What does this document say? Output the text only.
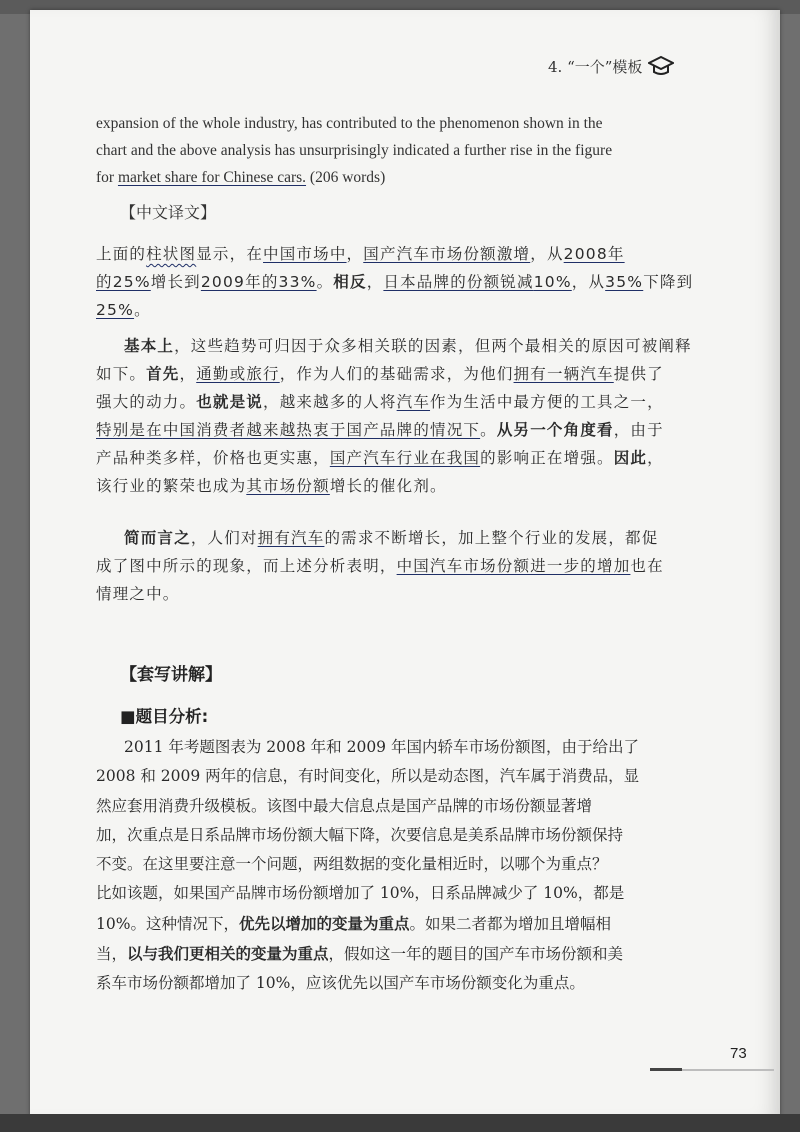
4. “一个”模板

expansion of the whole industry, has contributed to the phenomenon shown in the
chart and the above analysis has unsurprisingly indicated a further rise in the figure
for market share for Chinese cars. (206 words)

【中文译文】

上面的柱状图显示，在中国市场中，国产汽车市场份额激增，从2008年
的25%增长到2009年的33%。相反，日本品牌的份额锐减10%，从35%下降到
25%。

基本上，这些趋势可归因于众多相关联的因素，但两个最相关的原因可被阐释
如下。首先，通勤或旅行，作为人们的基础需求，为他们拥有一辆汽车提供了
强大的动力。也就是说，越来越多的人将汽车作为生活中最方便的工具之一，
特别是在中国消费者越来越热衷于国产品牌的情况下。从另一个角度看，由于
产品种类多样，价格也更实惠，国产汽车行业在我国的影响正在增强。因此，
该行业的繁荣也成为其市场份额增长的催化剂。

简而言之，人们对拥有汽车的需求不断增长，加上整个行业的发展，都促
成了图中所示的现象，而上述分析表明，中国汽车市场份额进一步的增加也在
情理之中。

【套写讲解】
■题目分析:

2011 年考题图表为 2008 年和 2009 年国内轿车市场份额图，由于给出了
2008 和 2009 两年的信息，有时间变化，所以是动态图，汽车属于消费品，显
然应套用消费升级模板。该图中最大信息点是国产品牌的市场份额显著增
加，次重点是日系品牌市场份额大幅下降，次要信息是美系品牌市场份额保持
不变。在这里要注意一个问题，两组数据的变化量相近时，以哪个为重点？
比如该题，如果国产品牌市场份额增加了 10%，日系品牌减少了 10%，都是
10%。这种情况下，优先以增加的变量为重点。如果二者都为增加且增幅相
当，以与我们更相关的变量为重点，假如这一年的题目的国产车市场份额和美
系车市场份额都增加了 10%，应该优先以国产车市场份额变化为重点。

73
